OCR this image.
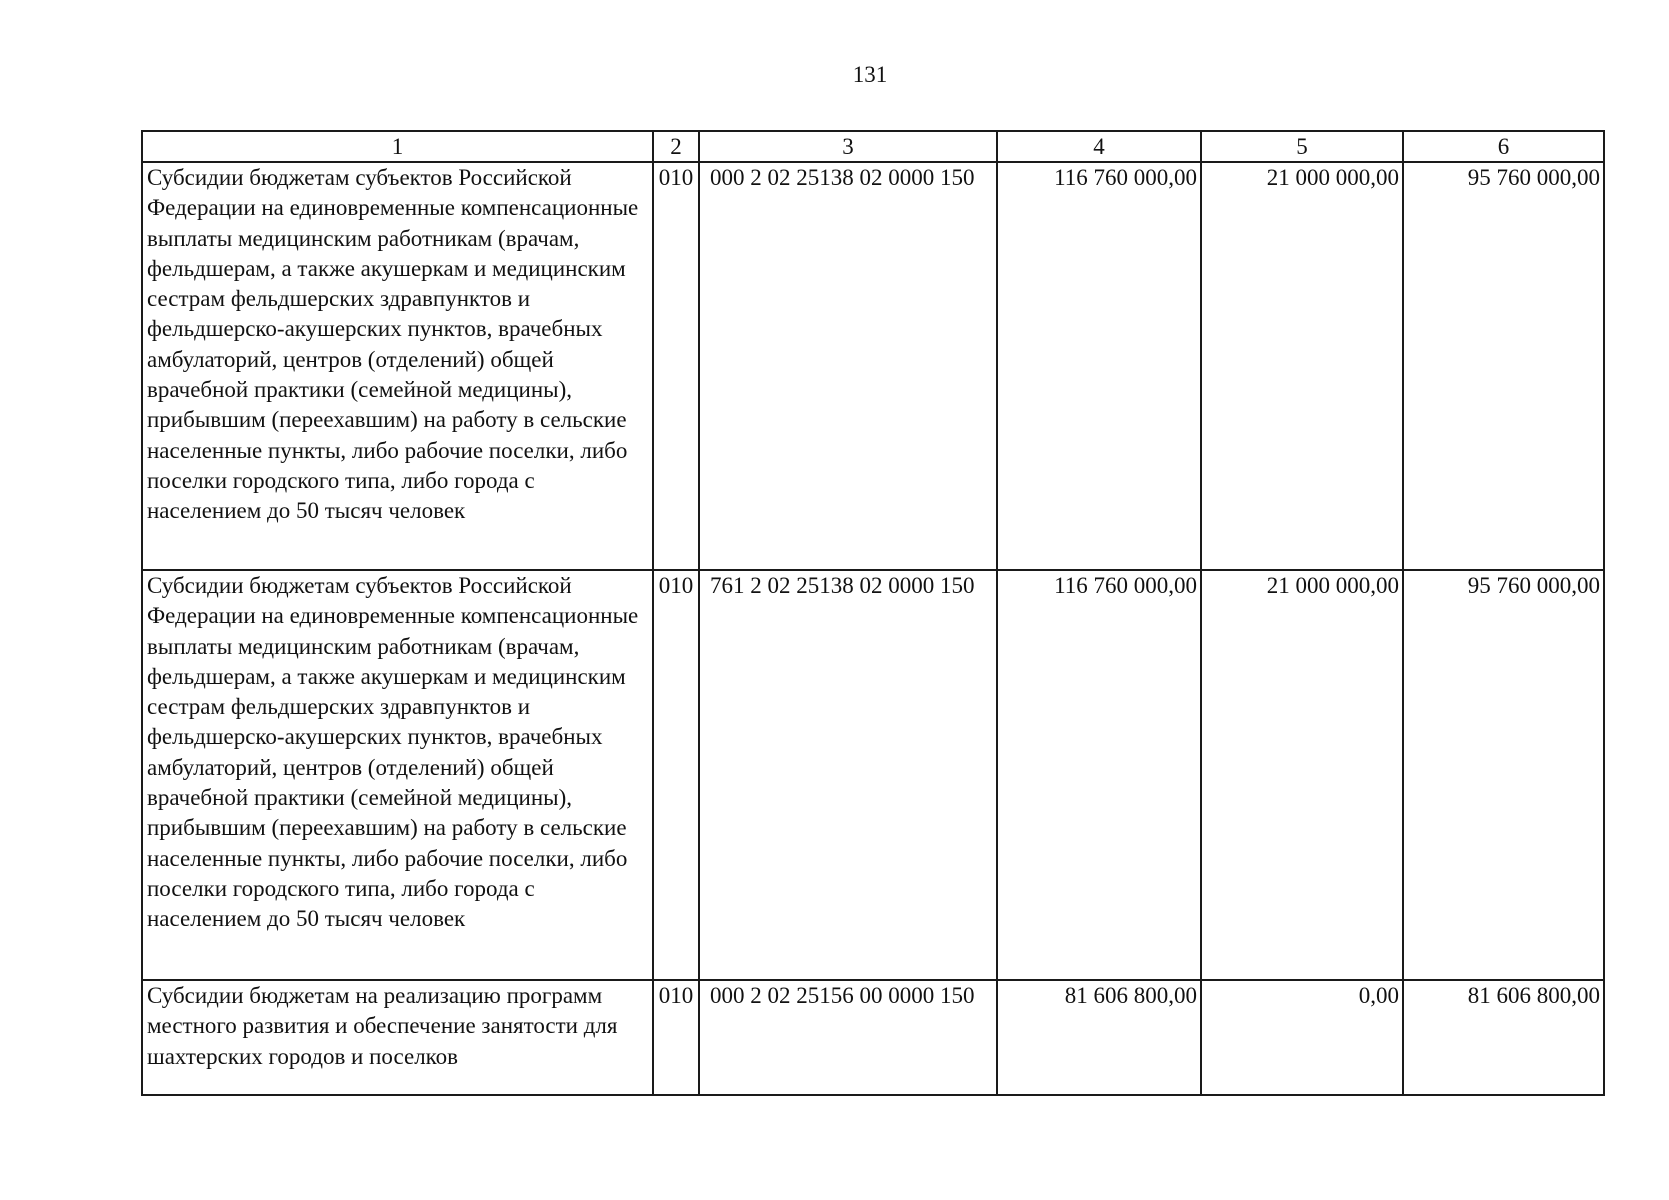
131
1	2	3	4	5	6
Субсидии бюджетам субъектов Российской Федерации на единовременные компенсационные выплаты медицинским работникам (врачам, фельдшерам, а также акушеркам и медицинским сестрам фельдшерских здравпунктов и фельдшерско-акушерских пунктов, врачебных амбулаторий, центров (отделений) общей врачебной практики (семейной медицины), прибывшим (переехавшим) на работу в сельские населенные пункты, либо рабочие поселки, либо поселки городского типа, либо города с населением до 50 тысяч человек	010	000 2 02 25138 02 0000 150	116 760 000,00	21 000 000,00	95 760 000,00
Субсидии бюджетам субъектов Российской Федерации на единовременные компенсационные выплаты медицинским работникам (врачам, фельдшерам, а также акушеркам и медицинским сестрам фельдшерских здравпунктов и фельдшерско-акушерских пунктов, врачебных амбулаторий, центров (отделений) общей врачебной практики (семейной медицины), прибывшим (переехавшим) на работу в сельские населенные пункты, либо рабочие поселки, либо поселки городского типа, либо города с населением до 50 тысяч человек	010	761 2 02 25138 02 0000 150	116 760 000,00	21 000 000,00	95 760 000,00
Субсидии бюджетам на реализацию программ местного развития и обеспечение занятости для шахтерских городов и поселков	010	000 2 02 25156 00 0000 150	81 606 800,00	0,00	81 606 800,00
